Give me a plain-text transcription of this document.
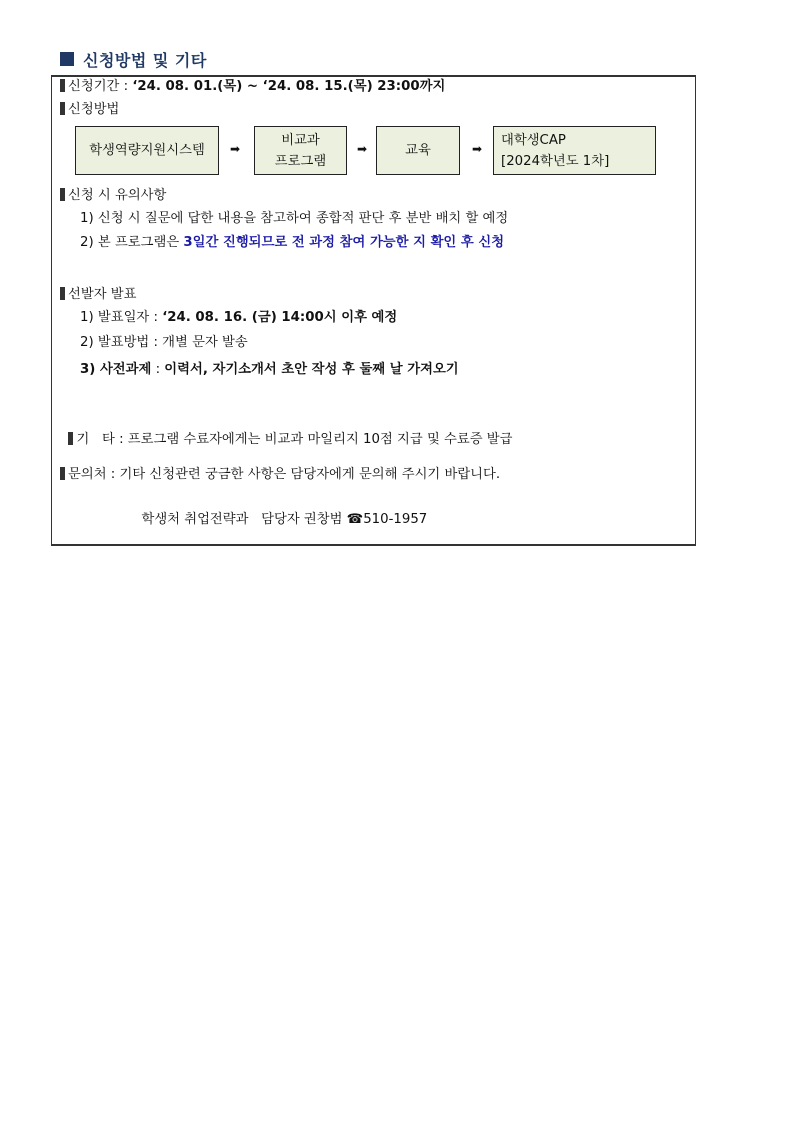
신청방법 및 기타
신청기간 : ‘24. 08. 01.(목) ~ ‘24. 08. 15.(목) 23:00까지
신청방법
학생역량지원시스템 ➡
비교과
프로그램
➡	교육	➡
대학생CAP
[2024학년도 1차]
신청 시 유의사항
1) 신청 시 질문에 답한 내용을 참고하여 종합적 판단 후 분반 배치 할 예정
2) 본 프로그램은 3일간 진행되므로 전 과정 참여 가능한 지 확인 후 신청
선발자 발표
1) 발표일자 : ‘24. 08. 16. (금) 14:00시 이후 예정
2) 발표방법 : 개별 문자 발송
3) 사전과제 : 이력서, 자기소개서 초안 작성 후 둘째 날 가져오기

기   타 : 프로그램 수료자에게는 비교과 마일리지 10점 지급 및 수료증 발급

문의처 : 기타 신청관련 궁금한 사항은 담당자에게 문의해 주시기 바랍니다.

학생처 취업전략과   담당자 권창범 ☎510-1957
